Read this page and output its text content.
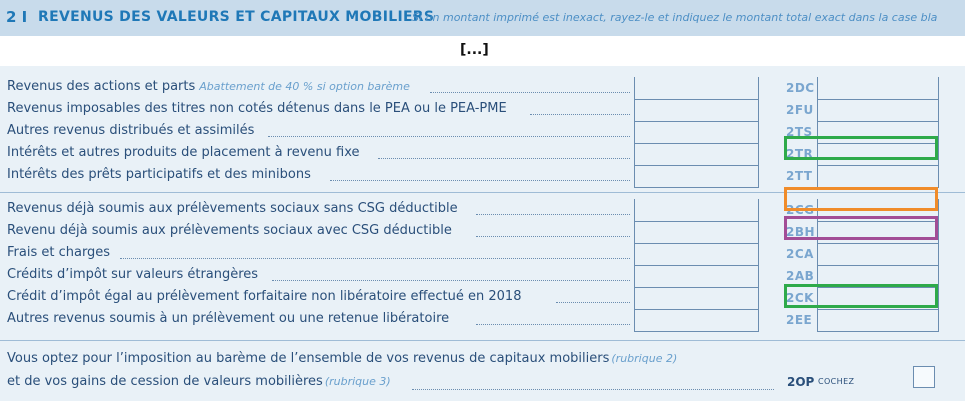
2 I REVENUS DES VALEURS ET CAPITAUX MOBILIERS
Si un montant imprimé est inexact, rayez-le et indiquez le montant total exact dans la case bla
[...]
Revenus des actions et parts Abattement de 40 % si option barème	2DC
Revenus imposables des titres non cotés détenus dans le PEA ou le PEA-PME	2FU
Autres revenus distribués et assimilés	2TS
Intérêts et autres produits de placement à revenu fixe	2TR
Intérêts des prêts participatifs et des minibons	2TT
Revenus déjà soumis aux prélèvements sociaux sans CSG déductible	2CG
Revenu déjà soumis aux prélèvements sociaux avec CSG déductible	2BH
Frais et charges	2CA
Crédits d’impôt sur valeurs étrangères	2AB
Crédit d’impôt égal au prélèvement forfaitaire non libératoire effectué en 2018	2CK
Autres revenus soumis à un prélèvement ou une retenue libératoire	2EE
Vous optez pour l’imposition au barème de l’ensemble de vos revenus de capitaux mobiliers (rubrique 2)
et de vos gains de cession de valeurs mobilières (rubrique 3)	2OP COCHEZ
